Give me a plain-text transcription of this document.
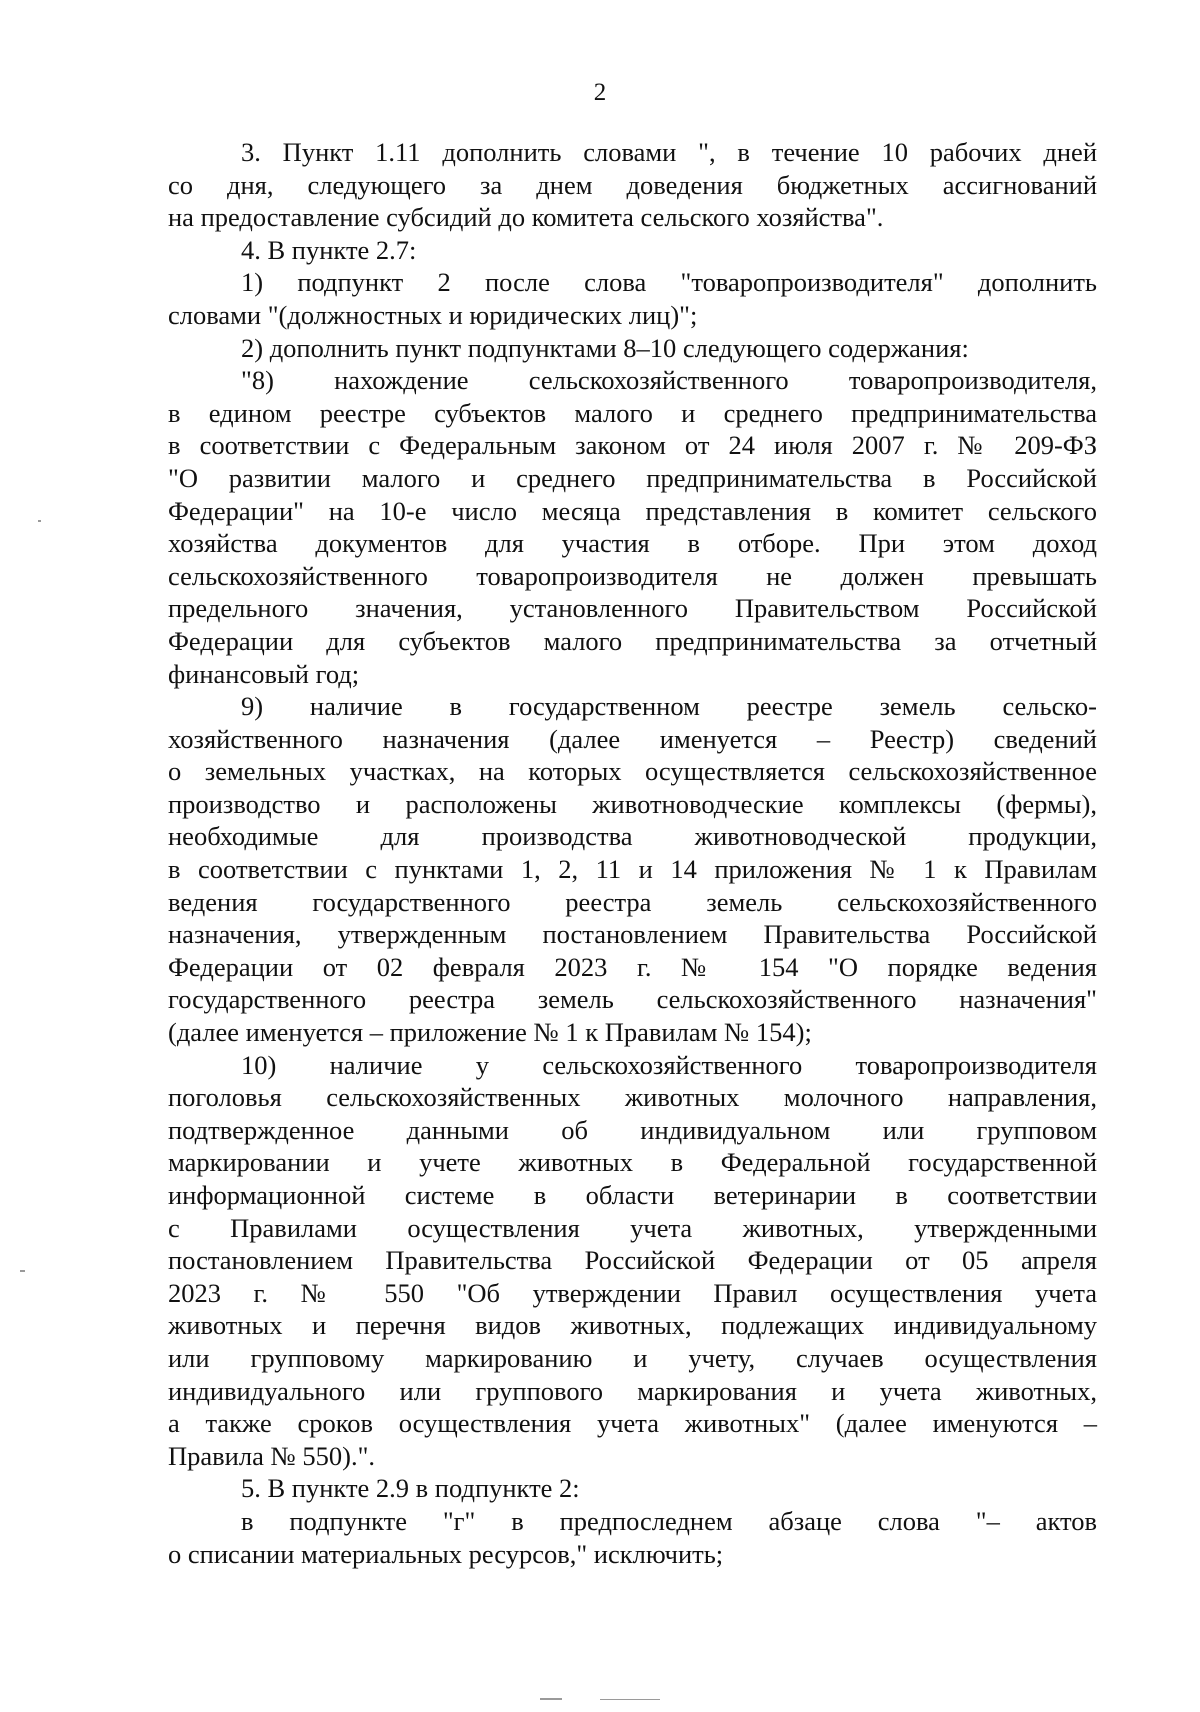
2
3. Пункт 1.11 дополнить словами ", в течение 10 рабочих дней
со дня, следующего за днем доведения бюджетных ассигнований
на предоставление субсидий до комитета сельского хозяйства".
4. В пункте 2.7:
1) подпункт 2 после слова "товаропроизводителя" дополнить
словами "(должностных и юридических лиц)";
2) дополнить пункт подпунктами 8–10 следующего содержания:
"8) нахождение сельскохозяйственного товаропроизводителя,
в едином реестре субъектов малого и среднего предпринимательства
в соответствии с Федеральным законом от 24 июля 2007 г. № 209-ФЗ
"О развитии малого и среднего предпринимательства в Российской
Федерации" на 10-е число месяца представления в комитет сельского
хозяйства документов для участия в отборе. При этом доход
сельскохозяйственного товаропроизводителя не должен превышать
предельного значения, установленного Правительством Российской
Федерации для субъектов малого предпринимательства за отчетный
финансовый год;
9) наличие в государственном реестре земель сельско-
хозяйственного назначения (далее именуется – Реестр) сведений
о земельных участках, на которых осуществляется сельскохозяйственное
производство и расположены животноводческие комплексы (фермы),
необходимые для производства животноводческой продукции,
в соответствии с пунктами 1, 2, 11 и 14 приложения № 1 к Правилам
ведения государственного реестра земель сельскохозяйственного
назначения, утвержденным постановлением Правительства Российской
Федерации от 02 февраля 2023 г. № 154 "О порядке ведения
государственного реестра земель сельскохозяйственного назначения"
(далее именуется – приложение № 1 к Правилам № 154);
10) наличие у сельскохозяйственного товаропроизводителя
поголовья сельскохозяйственных животных молочного направления,
подтвержденное данными об индивидуальном или групповом
маркировании и учете животных в Федеральной государственной
информационной системе в области ветеринарии в соответствии
с Правилами осуществления учета животных, утвержденными
постановлением Правительства Российской Федерации от 05 апреля
2023 г. № 550 "Об утверждении Правил осуществления учета
животных и перечня видов животных, подлежащих индивидуальному
или групповому маркированию и учету, случаев осуществления
индивидуального или группового маркирования и учета животных,
а также сроков осуществления учета животных" (далее именуются –
Правила № 550).".
5. В пункте 2.9 в подпункте 2:
в подпункте "г" в предпоследнем абзаце слова "– актов
о списании материальных ресурсов," исключить;
